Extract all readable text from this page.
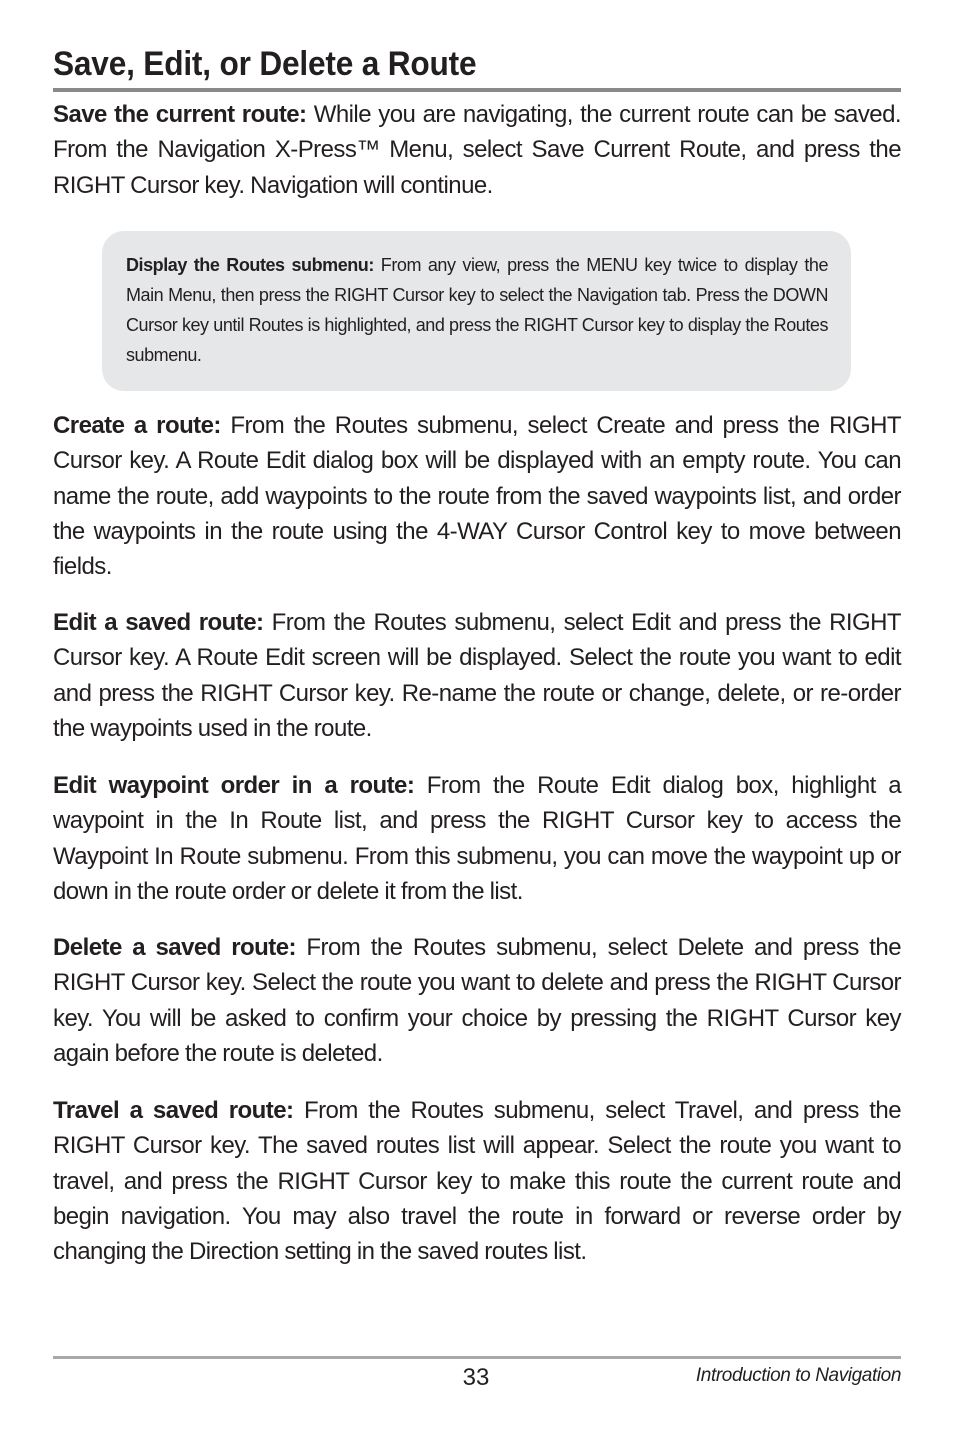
Save, Edit, or Delete a Route

Save the current route: While you are navigating, the current route can be saved. From the Navigation X-Press™ Menu, select Save Current Route, and press the RIGHT Cursor key. Navigation will continue.

Display the Routes submenu: From any view, press the MENU key twice to display the Main Menu, then press the RIGHT Cursor key to select the Navigation tab. Press the DOWN Cursor key until Routes is highlighted, and press the RIGHT Cursor key to display the Routes submenu.

Create a route: From the Routes submenu, select Create and press the RIGHT Cursor key. A Route Edit dialog box will be displayed with an empty route. You can name the route, add waypoints to the route from the saved waypoints list, and order the waypoints in the route using the 4-WAY Cursor Control key to move between fields.

Edit a saved route: From the Routes submenu, select Edit and press the RIGHT Cursor key. A Route Edit screen will be displayed. Select the route you want to edit and press the RIGHT Cursor key. Re-name the route or change, delete, or re-order the waypoints used in the route.

Edit waypoint order in a route: From the Route Edit dialog box, highlight a waypoint in the In Route list, and press the RIGHT Cursor key to access the Waypoint In Route submenu. From this submenu, you can move the waypoint up or down in the route order or delete it from the list.

Delete a saved route: From the Routes submenu, select Delete and press the RIGHT Cursor key. Select the route you want to delete and press the RIGHT Cursor key. You will be asked to confirm your choice by pressing the RIGHT Cursor key again before the route is deleted.

Travel a saved route: From the Routes submenu, select Travel, and press the RIGHT Cursor key. The saved routes list will appear. Select the route you want to travel, and press the RIGHT Cursor key to make this route the current route and begin navigation. You may also travel the route in forward or reverse order by changing the Direction setting in the saved routes list.

33	Introduction to Navigation
